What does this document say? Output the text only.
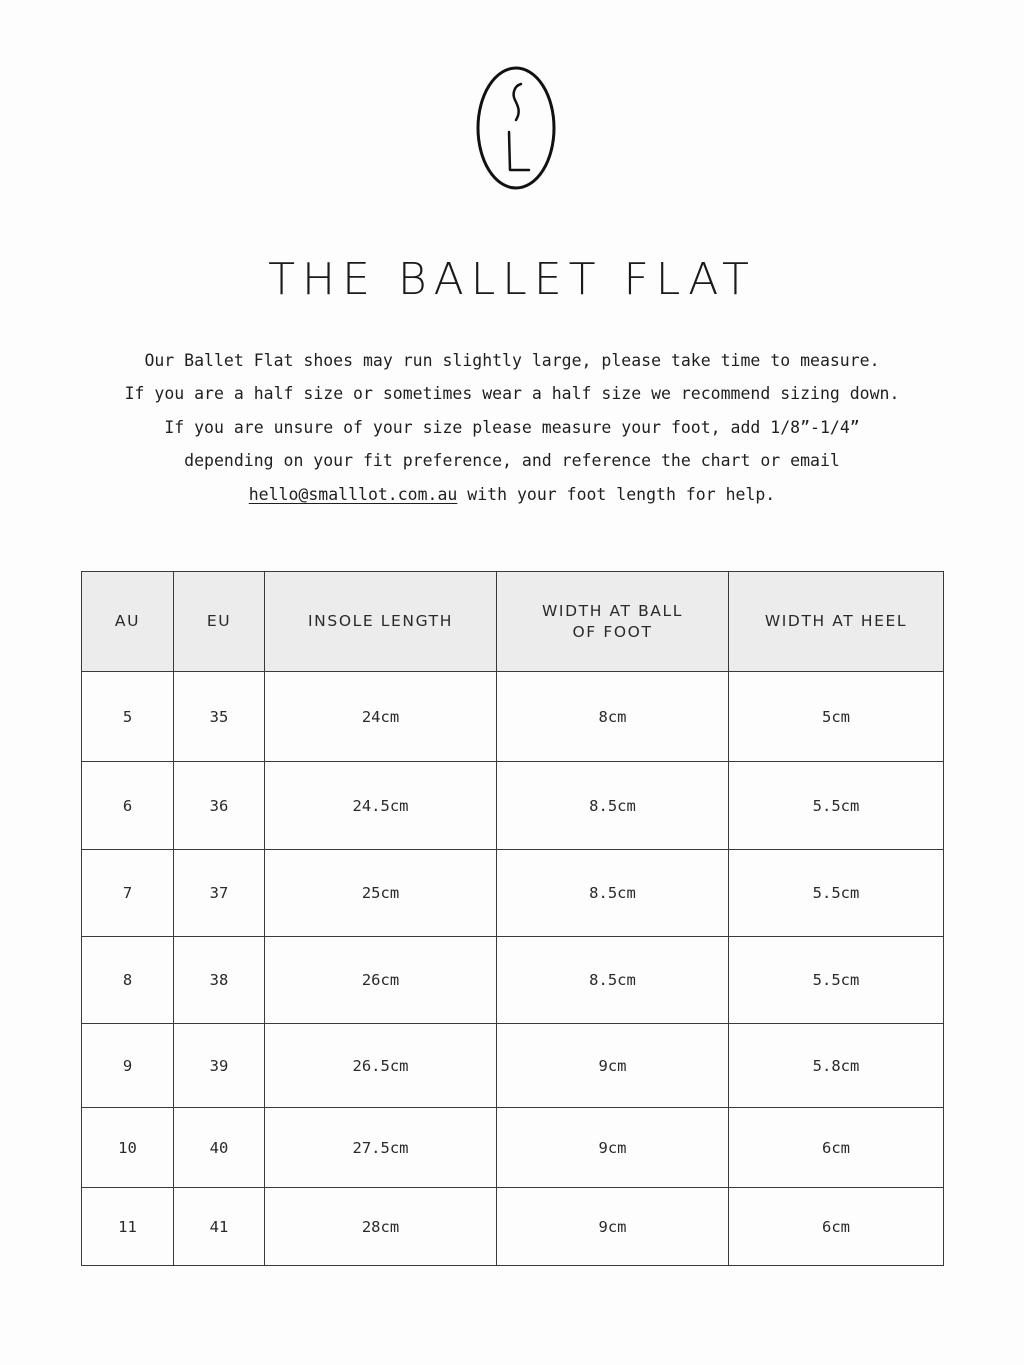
THE BALLET FLAT
Our Ballet Flat shoes may run slightly large, please take time to measure.
If you are a half size or sometimes wear a half size we recommend sizing down.
If you are unsure of your size please measure your foot, add 1/8”-1/4”
depending on your fit preference, and reference the chart or email
hello@smalllot.com.au with your foot length for help.
AU	EU	INSOLE LENGTH	WIDTH AT BALL OF FOOT	WIDTH AT HEEL
5	35	24cm	8cm	5cm
6	36	24.5cm	8.5cm	5.5cm
7	37	25cm	8.5cm	5.5cm
8	38	26cm	8.5cm	5.5cm
9	39	26.5cm	9cm	5.8cm
10	40	27.5cm	9cm	6cm
11	41	28cm	9cm	6cm
